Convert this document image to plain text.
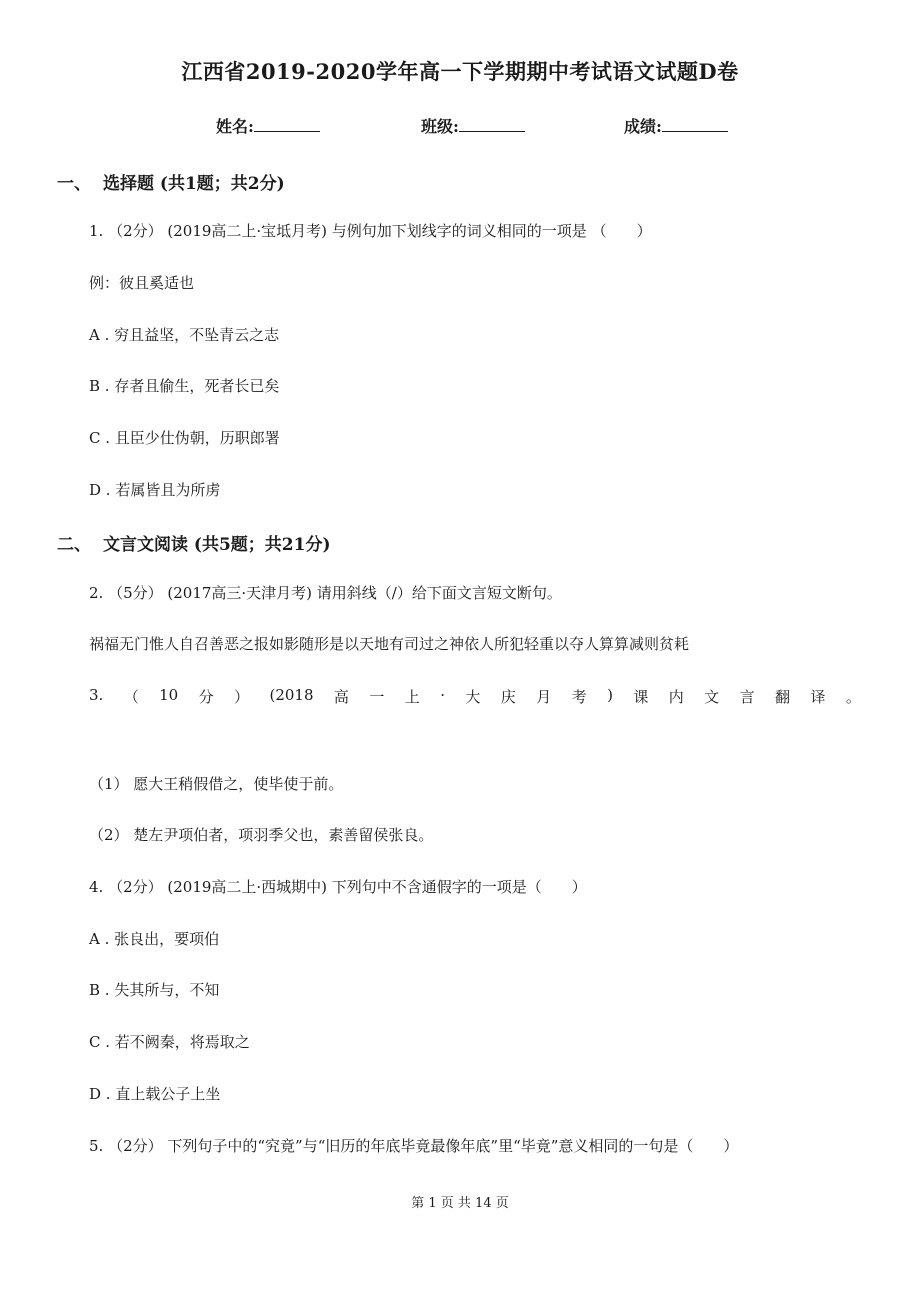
江西省2019-2020学年高一下学期期中考试语文试题D卷
姓名:	班级:	成绩:
一、 选择题 (共1题；共2分)
1. （2分） (2019高二上·宝坻月考) 与例句加下划线字的词义相同的一项是 （　　）
例：彼且奚适也
A . 穷且益坚，不坠青云之志
B . 存者且偷生，死者长已矣
C . 且臣少仕伪朝，历职郎署
D . 若属皆且为所虏
二、 文言文阅读 (共5题；共21分)
2. （5分） (2017高三·天津月考) 请用斜线（/）给下面文言短文断句。
祸福无门惟人自召善恶之报如影随形是以天地有司过之神依人所犯轻重以夺人算算减则贫耗
3. （ 10 分 ） (2018 高 一 上 · 大 庆 月 考 ) 课 内 文 言 翻 译 。
（1） 愿大王稍假借之，使毕使于前。
（2） 楚左尹项伯者，项羽季父也，素善留侯张良。
4. （2分） (2019高二上·西城期中) 下列句中不含通假字的一项是（　　）
A . 张良出，要项伯
B . 失其所与，不知
C . 若不阙秦，将焉取之
D . 直上载公子上坐
5. （2分） 下列句子中的“究竟”与“旧历的年底毕竟最像年底”里“毕竟”意义相同的一句是（　　）
第 1 页 共 14 页
